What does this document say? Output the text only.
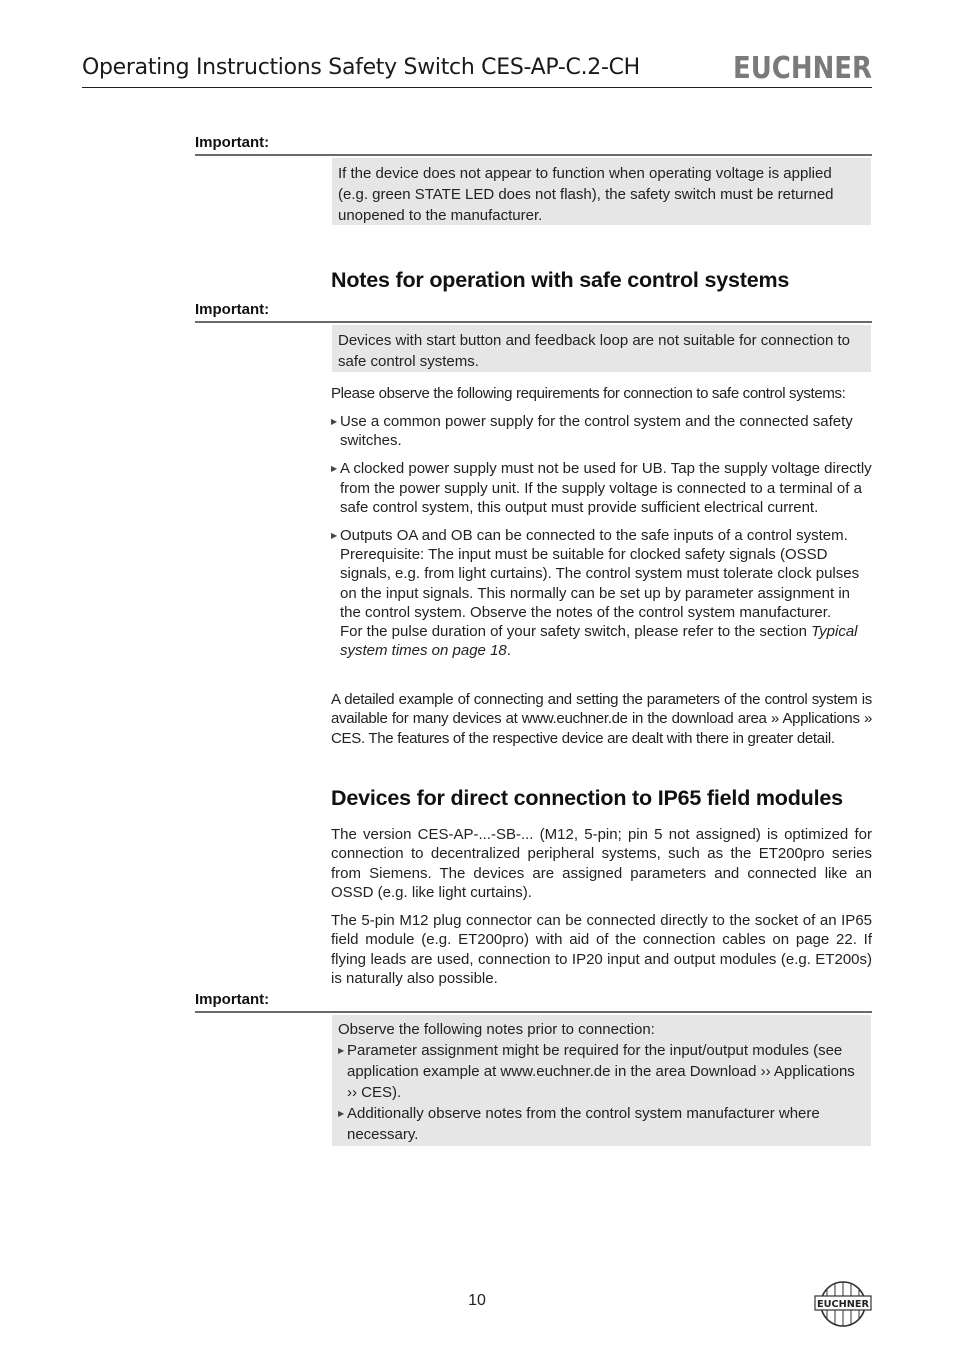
Operating Instructions Safety Switch CES-AP-C.2-CH	EUCHNER
Important:
If the device does not appear to function when operating voltage is applied (e.g. green STATE LED does not flash), the safety switch must be returned unopened to the manufacturer.
Notes for operation with safe control systems
Important:
Devices with start button and feedback loop are not suitable for connection to safe control systems.
Please observe the following requirements for connection to safe control systems:
▶ Use a common power supply for the control system and the connected safety switches.
▶ A clocked power supply must not be used for UB. Tap the supply voltage directly from the power supply unit. If the supply voltage is connected to a terminal of a safe control system, this output must provide sufficient electrical current.
▶ Outputs OA and OB can be connected to the safe inputs of a control system. Prerequisite: The input must be suitable for clocked safety signals (OSSD signals, e.g. from light curtains). The control system must tolerate clock pulses on the input signals. This normally can be set up by parameter assignment in the control system. Observe the notes of the control system manufacturer.
For the pulse duration of your safety switch, please refer to the section Typical system times on page 18.
A detailed example of connecting and setting the parameters of the control system is available for many devices at www.euchner.de in the download area » Applications » CES. The features of the respective device are dealt with there in greater detail.
Devices for direct connection to IP65 field modules
The version CES-AP-...-SB-... (M12, 5-pin; pin 5 not assigned) is optimized for connection to decentralized peripheral systems, such as the ET200pro series from Siemens. The devices are assigned parameters and connected like an OSSD (e.g. like light curtains).
The 5-pin M12 plug connector can be connected directly to the socket of an IP65 field module (e.g. ET200pro) with aid of the connection cables on page 22. If flying leads are used, connection to IP20 input and output modules (e.g. ET200s) is naturally also possible.
Important:
Observe the following notes prior to connection:
▶ Parameter assignment might be required for the input/output modules (see application example at www.euchner.de in the area Download ›› Applications ›› CES).
▶ Additionally observe notes from the control system manufacturer where necessary.
10	EUCHNER
